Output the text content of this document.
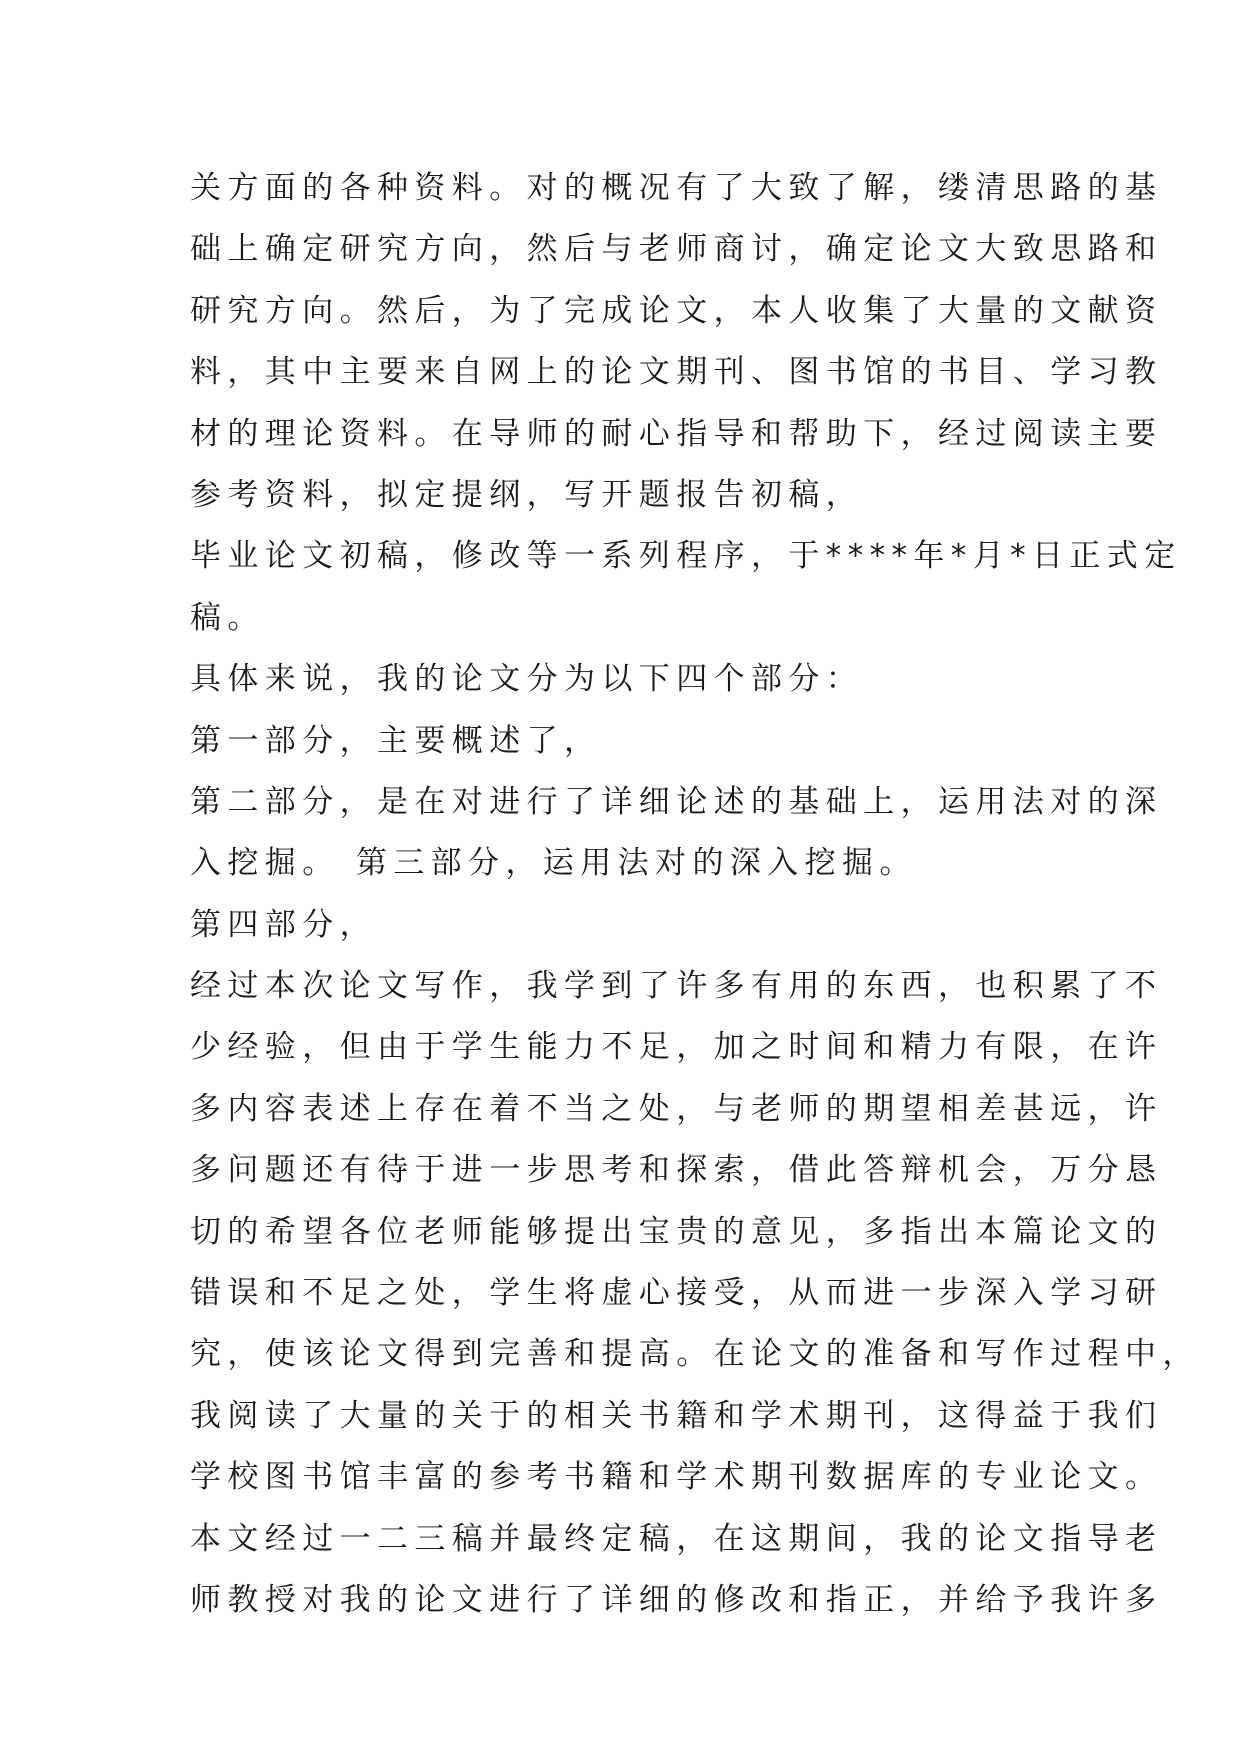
关方面的各种资料。对的概况有了大致了解，缕清思路的基
础上确定研究方向，然后与老师商讨，确定论文大致思路和
研究方向。然后，为了完成论文，本人收集了大量的文献资
料，其中主要来自网上的论文期刊、图书馆的书目、学习教
材的理论资料。在导师的耐心指导和帮助下，经过阅读主要
参考资料，拟定提纲，写开题报告初稿，
毕业论文初稿，修改等一系列程序，于****年*月*日正式定
稿。
具体来说，我的论文分为以下四个部分：
第一部分，主要概述了，
第二部分，是在对进行了详细论述的基础上，运用法对的深
入挖掘。 第三部分，运用法对的深入挖掘。
第四部分，
经过本次论文写作，我学到了许多有用的东西，也积累了不
少经验，但由于学生能力不足，加之时间和精力有限，在许
多内容表述上存在着不当之处，与老师的期望相差甚远，许
多问题还有待于进一步思考和探索，借此答辩机会，万分恳
切的希望各位老师能够提出宝贵的意见，多指出本篇论文的
错误和不足之处，学生将虚心接受，从而进一步深入学习研
究，使该论文得到完善和提高。在论文的准备和写作过程中，
我阅读了大量的关于的相关书籍和学术期刊，这得益于我们
学校图书馆丰富的参考书籍和学术期刊数据库的专业论文。
本文经过一二三稿并最终定稿，在这期间，我的论文指导老
师教授对我的论文进行了详细的修改和指正，并给予我许多
